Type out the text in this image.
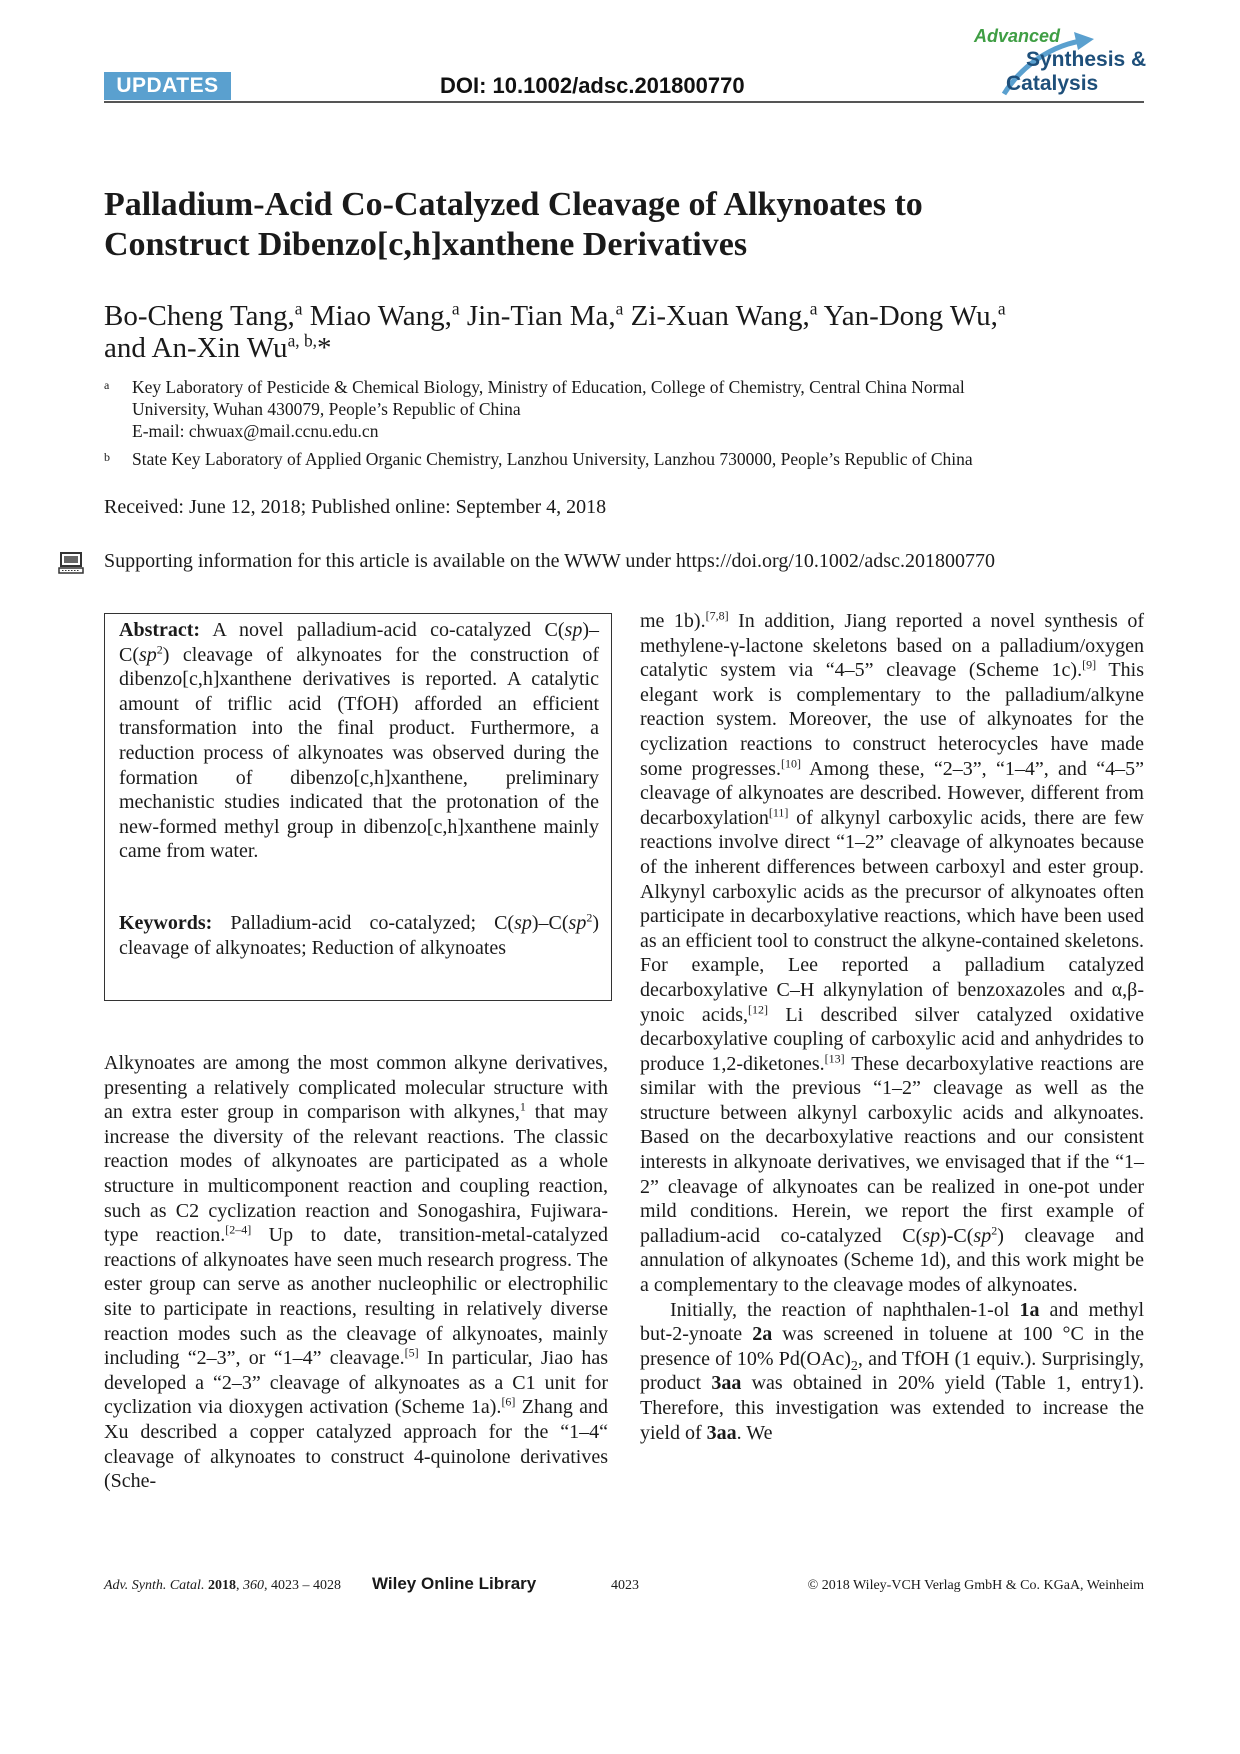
UPDATES	DOI: 10.1002/adsc.201800770
Advanced
Synthesis &
Catalysis
Palladium-Acid Co-Catalyzed Cleavage of Alkynoates to
Construct Dibenzo[c,h]xanthene Derivatives
Bo-Cheng Tang,$^a$ Miao Wang,$^a$ Jin-Tian Ma,$^a$ Zi-Xuan Wang,$^a$ Yan-Dong Wu,$^a$
and An-Xin $Wu^{a, b,}*$
a Key Laboratory of Pesticide & Chemical Biology, Ministry of Education, College of Chemistry, Central China Normal
University, Wuhan 430079, People’s Republic of China
E-mail: chwuax@mail.ccnu.edu.cn
b State Key Laboratory of Applied Organic Chemistry, Lanzhou University, Lanzhou 730000, People’s Republic of China
Received: June 12, 2018; Published online: September 4, 2018
Supporting information for this article is available on the WWW under https://doi.org/10.1002/adsc.201800770

Abstract: A novel palladium-acid co-catalyzed $C(sp)-C(sp^2)$ cleavage of alkynoates for the construction of dibenzo[c,h]xanthene derivatives is reported. A catalytic amount of triflic acid (TfOH) afforded an efficient transformation into the final product. Furthermore, a reduction process of alkynoates was observed during the formation of dibenzo[c,h]xanthene, preliminary mechanistic studies indicated that the protonation of the new-formed methyl group in dibenzo[c,h]xanthene mainly came from water.

Keywords: Palladium-acid co-catalyzed; $C(sp)-C(sp^2)$ cleavage of alkynoates; Reduction of alkynoates

Alkynoates are among the most common alkyne derivatives, presenting a relatively complicated molecular structure with an extra ester group in comparison with alkynes,$^1$ that may increase the diversity of the relevant reactions. The classic reaction modes of alkynoates are participated as a whole structure in multicomponent reaction and coupling reaction, such as C2 cyclization reaction and Sonogashira, Fujiwara-type reaction.[2–4] Up to date, transition-metal-catalyzed reactions of alkynoates have seen much research progress. The ester group can serve as another nucleophilic or electrophilic site to participate in reactions, resulting in relatively diverse reaction modes such as the cleavage of alkynoates, mainly including “2–3”, or “1–4” cleavage.[5] In particular, Jiao has developed a “2–3” cleavage of alkynoates as a C1 unit for cyclization via dioxygen activation (Scheme 1a).[6] Zhang and Xu described a copper catalyzed approach for the “1–4“ cleavage of alkynoates to construct 4-quinolone derivatives (Sche-

me 1b).[7,8] In addition, Jiang reported a novel synthesis of methylene-γ-lactone skeletons based on a palladium/oxygen catalytic system via “4–5” cleavage (Scheme 1c).[9] This elegant work is complementary to the palladium/alkyne reaction system. Moreover, the use of alkynoates for the cyclization reactions to construct heterocycles have made some progresses.[10] Among these, “2–3”, “1–4”, and “4–5” cleavage of alkynoates are described. However, different from decarboxylation[11] of alkynyl carboxylic acids, there are few reactions involve direct “1–2” cleavage of alkynoates because of the inherent differences between carboxyl and ester group. Alkynyl carboxylic acids as the precursor of alkynoates often participate in decarboxylative reactions, which have been used as an efficient tool to construct the alkyne-contained skeletons. For example, Lee reported a palladium catalyzed decarboxylative C–H alkynylation of benzoxazoles and α,β-ynoic acids,[12] Li described silver catalyzed oxidative decarboxylative coupling of carboxylic acid and anhydrides to produce 1,2-diketones.[13] These decarboxylative reactions are similar with the previous “1–2” cleavage as well as the structure between alkynyl carboxylic acids and alkynoates. Based on the decarboxylative reactions and our consistent interests in alkynoate derivatives, we envisaged that if the “1–2” cleavage of alkynoates can be realized in one-pot under mild conditions. Herein, we report the first example of palladium-acid co-catalyzed $C(sp)-C(sp^2)$ cleavage and annulation of alkynoates (Scheme 1d), and this work might be a complementary to the cleavage modes of alkynoates.

Initially, the reaction of naphthalen-1-ol 1a and methyl but-2-ynoate 2a was screened in toluene at 100 °C in the presence of 10% $Pd(OAc)_2$, and TfOH (1 equiv.). Surprisingly, product 3aa was obtained in 20% yield (Table 1, entry1). Therefore, this investigation was extended to increase the yield of 3aa. We

Adv. Synth. Catal. 2018, 360, 4023 – 4028 Wiley Online Library	4023	© 2018 Wiley-VCH Verlag GmbH & Co. KGaA, Weinheim
